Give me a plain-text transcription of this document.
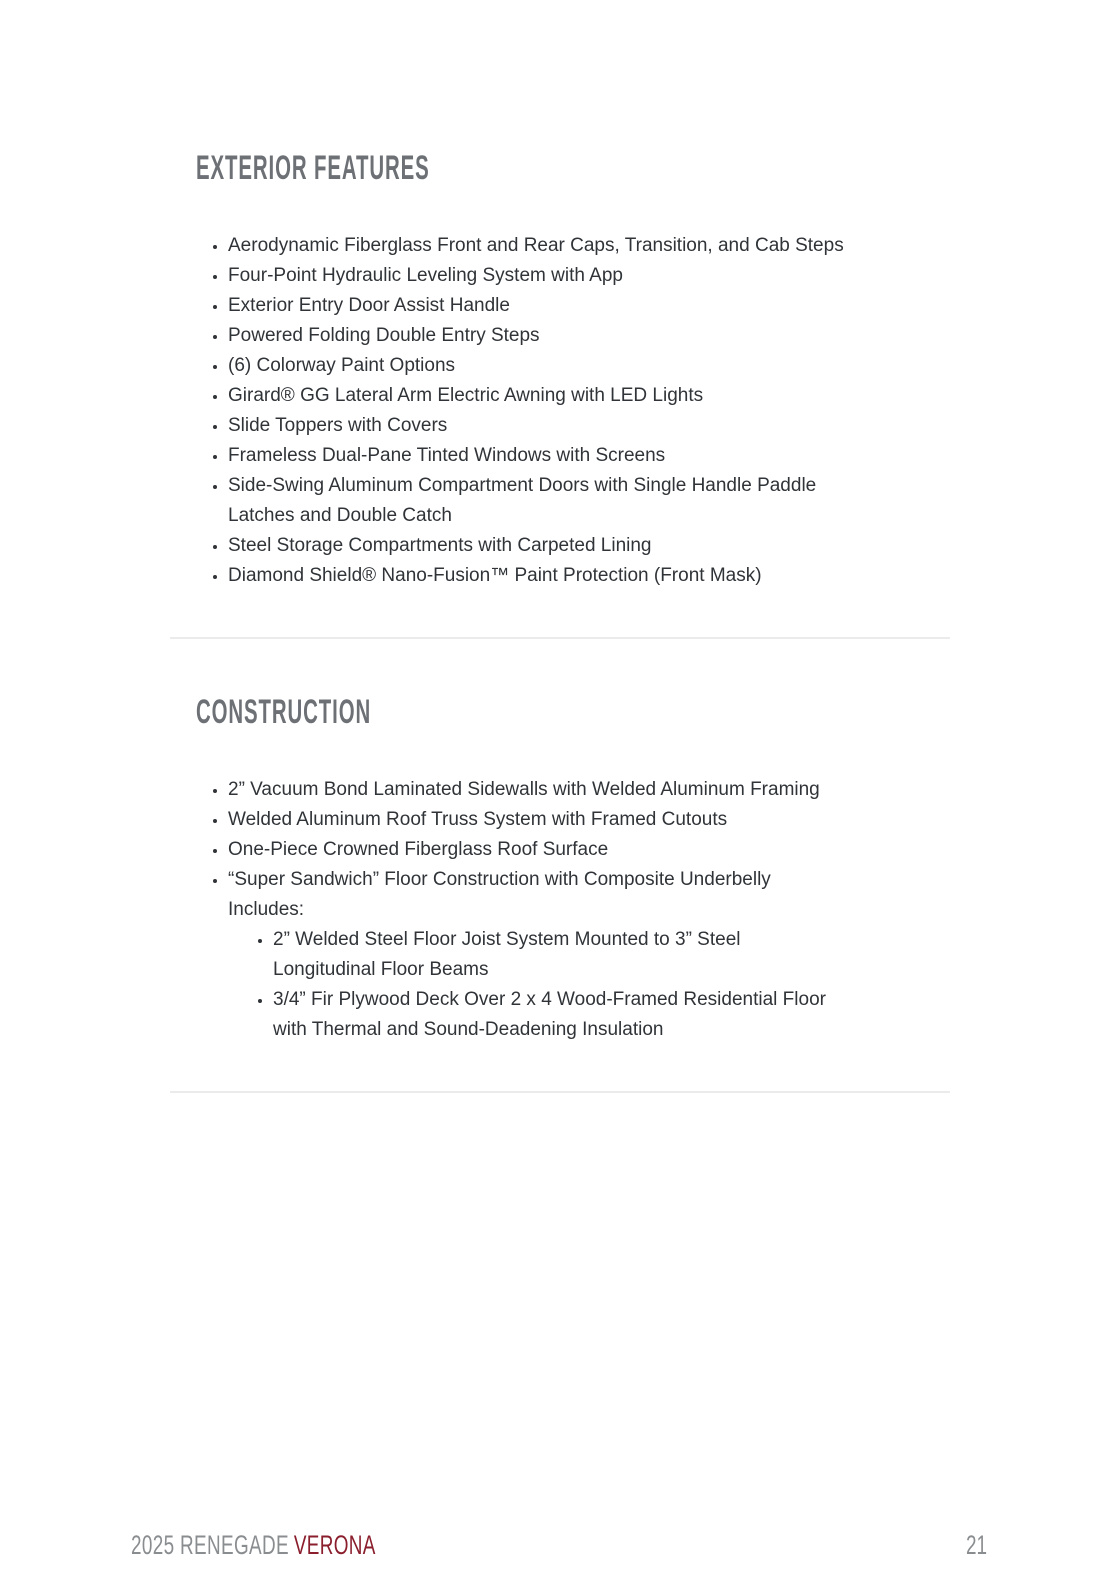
EXTERIOR FEATURES
• Aerodynamic Fiberglass Front and Rear Caps, Transition, and Cab Steps
• Four-Point Hydraulic Leveling System with App
• Exterior Entry Door Assist Handle
• Powered Folding Double Entry Steps
• (6) Colorway Paint Options
• Girard® GG Lateral Arm Electric Awning with LED Lights
• Slide Toppers with Covers
• Frameless Dual-Pane Tinted Windows with Screens
• Side-Swing Aluminum Compartment Doors with Single Handle Paddle Latches and Double Catch
• Steel Storage Compartments with Carpeted Lining
• Diamond Shield® Nano-Fusion™ Paint Protection (Front Mask)
CONSTRUCTION
• 2” Vacuum Bond Laminated Sidewalls with Welded Aluminum Framing
• Welded Aluminum Roof Truss System with Framed Cutouts
• One-Piece Crowned Fiberglass Roof Surface
• “Super Sandwich” Floor Construction with Composite Underbelly Includes:
• 2” Welded Steel Floor Joist System Mounted to 3” Steel Longitudinal Floor Beams
• 3/4” Fir Plywood Deck Over 2 x 4 Wood-Framed Residential Floor with Thermal and Sound-Deadening Insulation
2025 RENEGADE VERONA	21
